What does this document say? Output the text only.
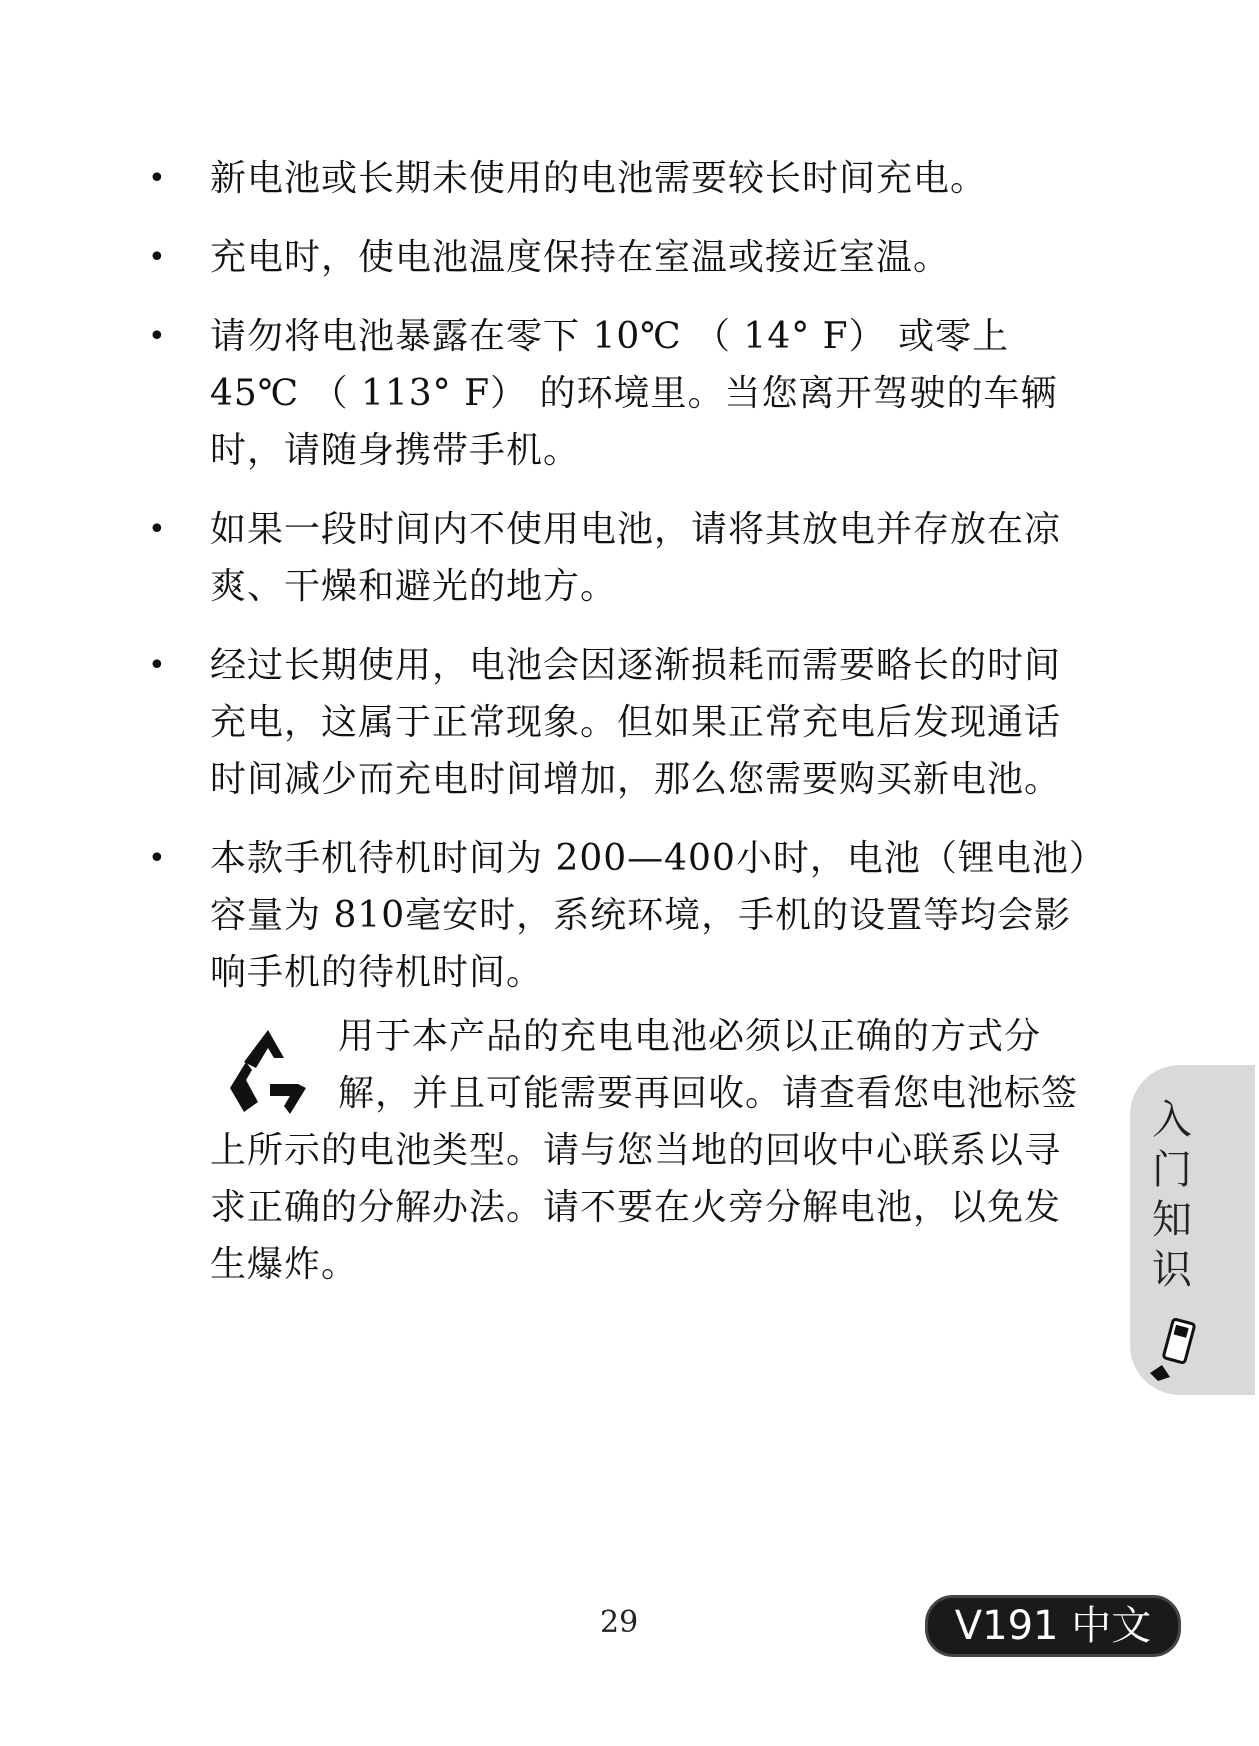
• 新电池或长期未使用的电池需要较长时间充电。
• 充电时，使电池温度保持在室温或接近室温。
• 请勿将电池暴露在零下 10℃ （ 14° F） 或零上 45℃ （ 113° F） 的环境里。当您离开驾驶的车辆时，请随身携带手机。
• 如果一段时间内不使用电池，请将其放电并存放在凉爽、干燥和避光的地方。
• 经过长期使用，电池会因逐渐损耗而需要略长的时间充电，这属于正常现象。但如果正常充电后发现通话时间减少而充电时间增加，那么您需要购买新电池。
• 本款手机待机时间为 200—400小时，电池（锂电池）容量为 810毫安时，系统环境，手机的设置等均会影响手机的待机时间。
用于本产品的充电电池必须以正确的方式分解，并且可能需要再回收。请查看您电池标签上所示的电池类型。请与您当地的回收中心联系以寻求正确的分解办法。请不要在火旁分解电池，以免发生爆炸。
入门知识
29	V191 中文
